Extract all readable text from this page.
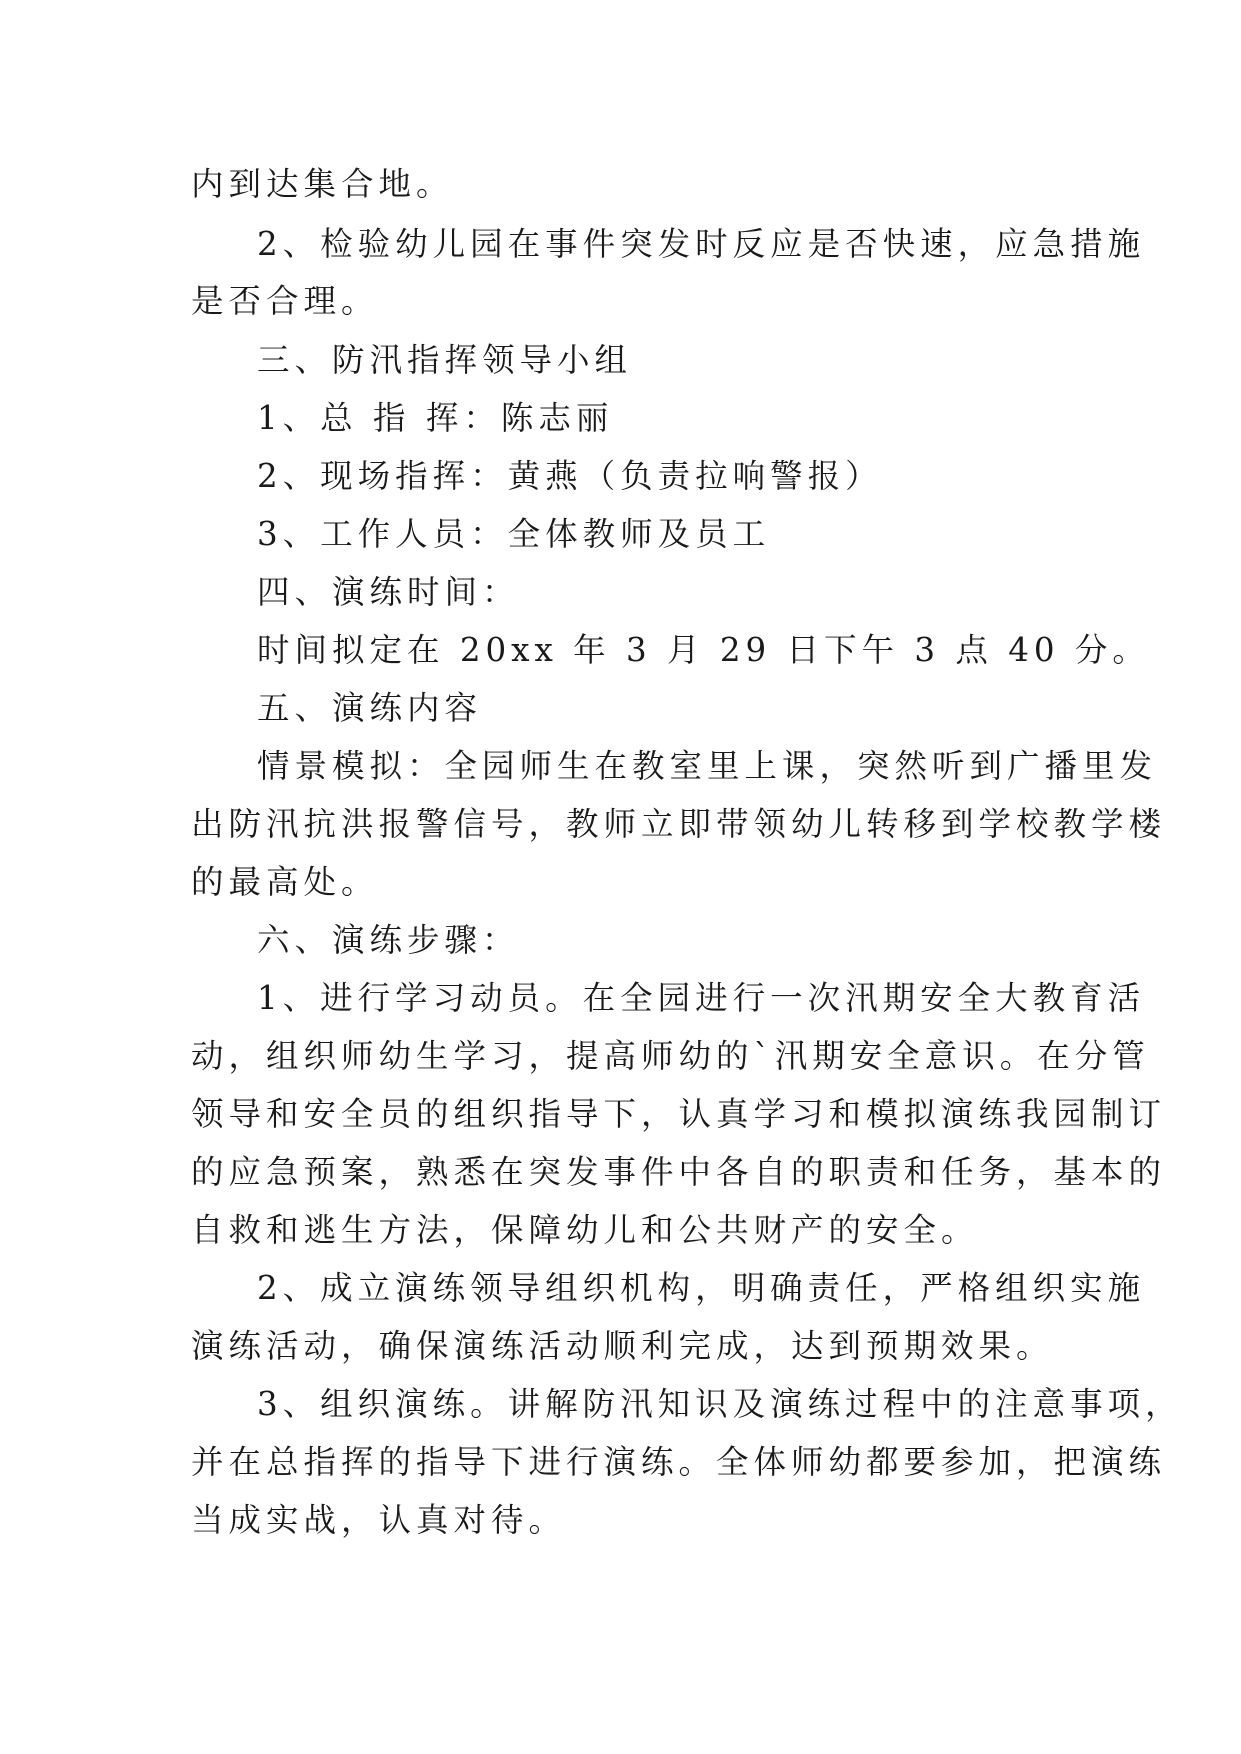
内到达集合地。
2、检验幼儿园在事件突发时反应是否快速，应急措施
是否合理。
三、防汛指挥领导小组
1、总 指 挥：陈志丽
2、现场指挥：黄燕（负责拉响警报）
3、工作人员：全体教师及员工
四、演练时间：
时间拟定在 20xx 年 3 月 29 日下午 3 点 40 分。
五、演练内容
情景模拟：全园师生在教室里上课，突然听到广播里发
出防汛抗洪报警信号，教师立即带领幼儿转移到学校教学楼
的最高处。
六、演练步骤：
1、进行学习动员。在全园进行一次汛期安全大教育活
动，组织师幼生学习，提高师幼的`汛期安全意识。在分管
领导和安全员的组织指导下，认真学习和模拟演练我园制订
的应急预案，熟悉在突发事件中各自的职责和任务，基本的
自救和逃生方法，保障幼儿和公共财产的安全。
2、成立演练领导组织机构，明确责任，严格组织实施
演练活动，确保演练活动顺利完成，达到预期效果。
3、组织演练。讲解防汛知识及演练过程中的注意事项，
并在总指挥的指导下进行演练。全体师幼都要参加，把演练
当成实战，认真对待。
